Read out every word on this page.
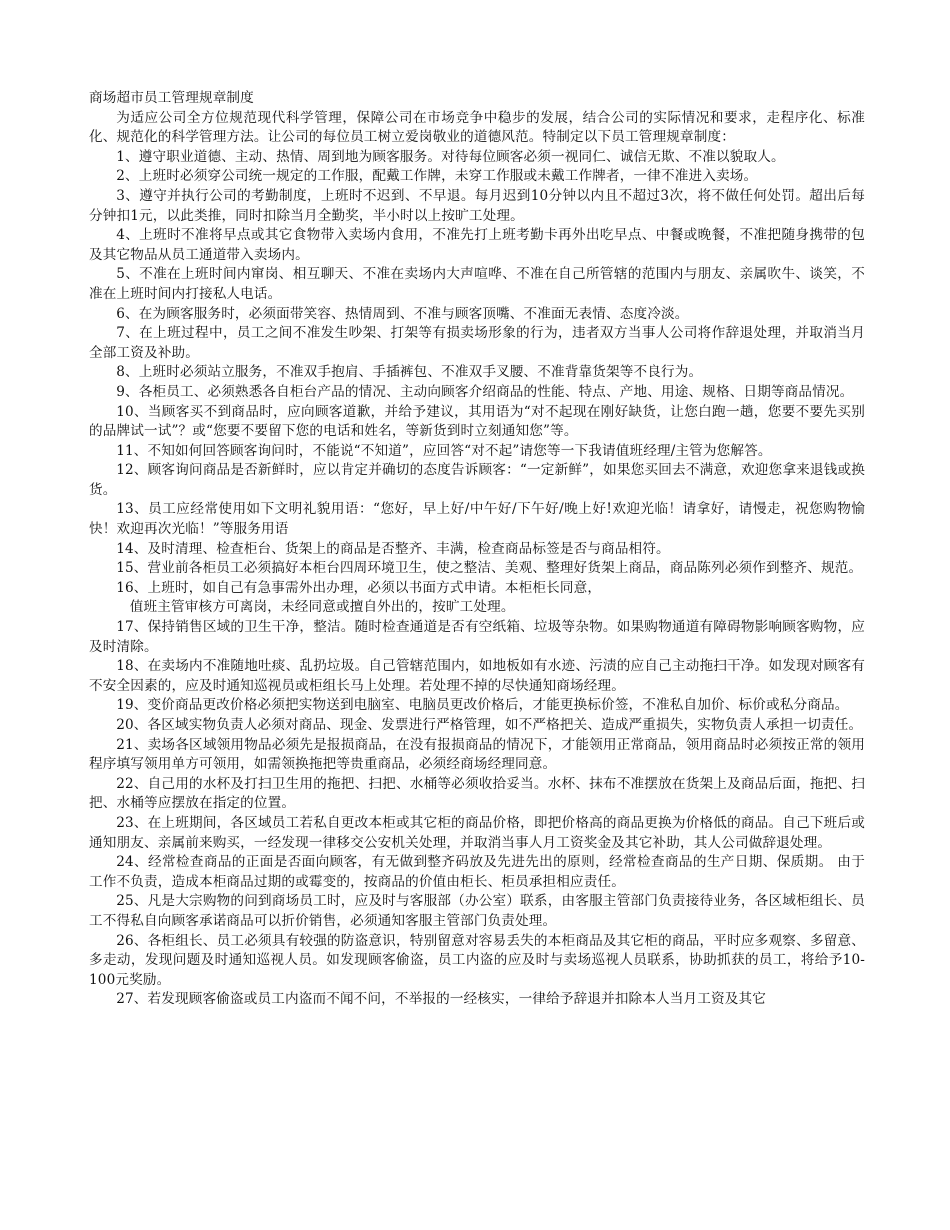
商场超市员工管理规章制度

为适应公司全方位规范现代科学管理，保障公司在市场竞争中稳步的发展，结合公司的实际情况和要求，走程序化、标准化、规范化的科学管理方法。让公司的每位员工树立爱岗敬业的道德风范。特制定以下员工管理规章制度：

1、遵守职业道德、主动、热情、周到地为顾客服务。对待每位顾客必须一视同仁、诚信无欺、不准以貌取人。

2、上班时必须穿公司统一规定的工作服，配戴工作牌，未穿工作服或未戴工作牌者，一律不准进入卖场。

3、遵守并执行公司的考勤制度，上班时不迟到、不早退。每月迟到10分钟以内且不超过3次，将不做任何处罚。超出后每分钟扣1元，以此类推，同时扣除当月全勤奖，半小时以上按旷工处理。

4、上班时不准将早点或其它食物带入卖场内食用，不准先打上班考勤卡再外出吃早点、中餐或晚餐，不准把随身携带的包及其它物品从员工通道带入卖场内。

5、不准在上班时间内窜岗、相互聊天、不准在卖场内大声喧哗、不准在自己所管辖的范围内与朋友、亲属吹牛、谈笑，不准在上班时间内打接私人电话。

6、在为顾客服务时，必须面带笑容、热情周到、不准与顾客顶嘴、不准面无表情、态度冷淡。

7、在上班过程中，员工之间不准发生吵架、打架等有损卖场形象的行为，违者双方当事人公司将作辞退处理，并取消当月全部工资及补助。

8、上班时必须站立服务，不准双手抱肩、手插裤包、不准双手叉腰、不准背靠货架等不良行为。

9、各柜员工、必须熟悉各自柜台产品的情况、主动向顾客介绍商品的性能、特点、产地、用途、规格、日期等商品情况。

10、当顾客买不到商品时，应向顾客道歉，并给予建议，其用语为“对不起现在刚好缺货，让您白跑一趟，您要不要先买别的品牌试一试”？或“您要不要留下您的电话和姓名，等新货到时立刻通知您”等。

11、不知如何回答顾客询问时，不能说“不知道”，应回答“对不起”请您等一下我请值班经理/主管为您解答。

12、顾客询问商品是否新鲜时，应以肯定并确切的态度告诉顾客：“一定新鲜”，如果您买回去不满意，欢迎您拿来退钱或换货。

13、员工应经常使用如下文明礼貌用语：“您好，早上好/中午好/下午好/晚上好!欢迎光临！请拿好，请慢走，祝您购物愉快！欢迎再次光临！”等服务用语

14、及时清理、检查柜台、货架上的商品是否整齐、丰满，检查商品标签是否与商品相符。

15、营业前各柜员工必须搞好本柜台四周环境卫生，使之整洁、美观、整理好货架上商品，商品陈列必须作到整齐、规范。

16、上班时，如自己有急事需外出办理，必须以书面方式申请。本柜柜长同意，

值班主管审核方可离岗，未经同意或擅自外出的，按旷工处理。

17、保持销售区域的卫生干净，整洁。随时检查通道是否有空纸箱、垃圾等杂物。如果购物通道有障碍物影响顾客购物，应及时清除。

18、在卖场内不准随地吐痰、乱扔垃圾。自己管辖范围内，如地板如有水迹、污渍的应自己主动拖扫干净。如发现对顾客有不安全因素的，应及时通知巡视员或柜组长马上处理。若处理不掉的尽快通知商场经理。

19、变价商品更改价格必须把实物送到电脑室、电脑员更改价格后，才能更换标价签，不准私自加价、标价或私分商品。

20、各区域实物负责人必须对商品、现金、发票进行严格管理，如不严格把关、造成严重损失，实物负责人承担一切责任。

21、卖场各区域领用物品必须先是报损商品，在没有报损商品的情况下，才能领用正常商品，领用商品时必须按正常的领用程序填写领用单方可领用，如需领换拖把等贵重商品，必须经商场经理同意。

22、自己用的水杯及打扫卫生用的拖把、扫把、水桶等必须收拾妥当。水杯、抹布不准摆放在货架上及商品后面，拖把、扫把、水桶等应摆放在指定的位置。

23、在上班期间，各区域员工若私自更改本柜或其它柜的商品价格，即把价格高的商品更换为价格低的商品。自己下班后或通知朋友、亲属前来购买，一经发现一律移交公安机关处理，并取消当事人月工资奖金及其它补助，其人公司做辞退处理。

24、经常检查商品的正面是否面向顾客，有无做到整齐码放及先进先出的原则，经常检查商品的生产日期、保质期。 由于工作不负责，造成本柜商品过期的或霉变的，按商品的价值由柜长、柜员承担相应责任。

25、凡是大宗购物的问到商场员工时，应及时与客服部（办公室）联系，由客服主管部门负责接待业务，各区域柜组长、员工不得私自向顾客承诺商品可以折价销售，必须通知客服主管部门负责处理。

26、各柜组长、员工必须具有较强的防盗意识，特别留意对容易丢失的本柜商品及其它柜的商品，平时应多观察、多留意、多走动，发现问题及时通知巡视人员。如发现顾客偷盗，员工内盗的应及时与卖场巡视人员联系，协助抓获的员工，将给予10-100元奖励。

27、若发现顾客偷盗或员工内盗而不闻不问，不举报的一经核实，一律给予辞退并扣除本人当月工资及其它
